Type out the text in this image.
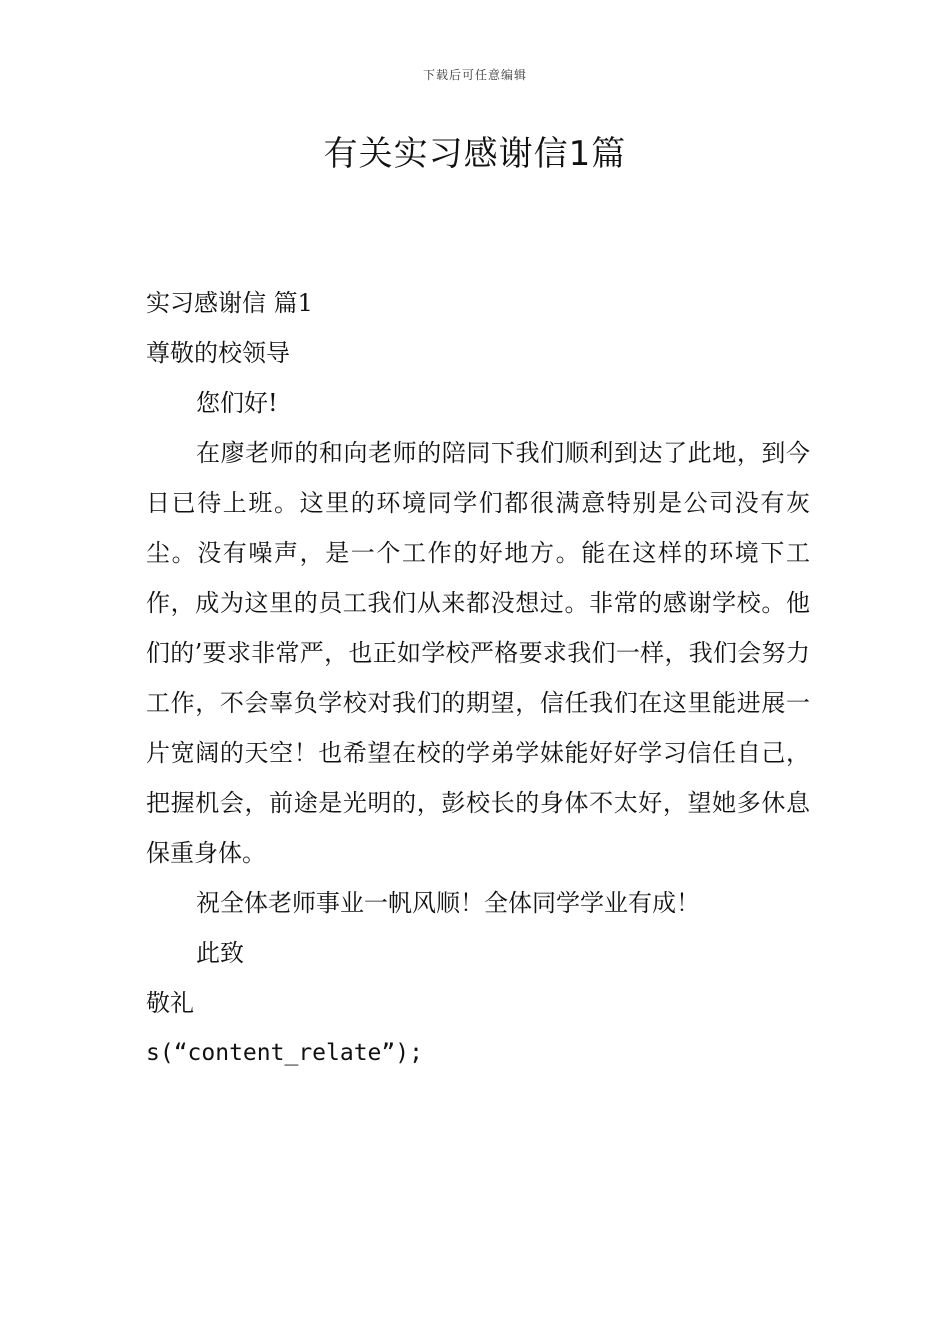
下载后可任意编辑
有关实习感谢信1篇
实习感谢信 篇1
尊敬的校领导
您们好!
在廖老师的和向老师的陪同下我们顺利到达了此地，到今日已待上班。这里的环境同学们都很满意特别是公司没有灰尘。没有噪声，是一个工作的好地方。能在这样的环境下工作，成为这里的员工我们从来都没想过。非常的感谢学校。他们的’要求非常严，也正如学校严格要求我们一样，我们会努力工作，不会辜负学校对我们的期望，信任我们在这里能进展一片宽阔的天空！也希望在校的学弟学妹能好好学习信任自己，把握机会，前途是光明的，彭校长的身体不太好，望她多休息保重身体。
祝全体老师事业一帆风顺！全体同学学业有成！
此致
敬礼
s(“content_relate”);
